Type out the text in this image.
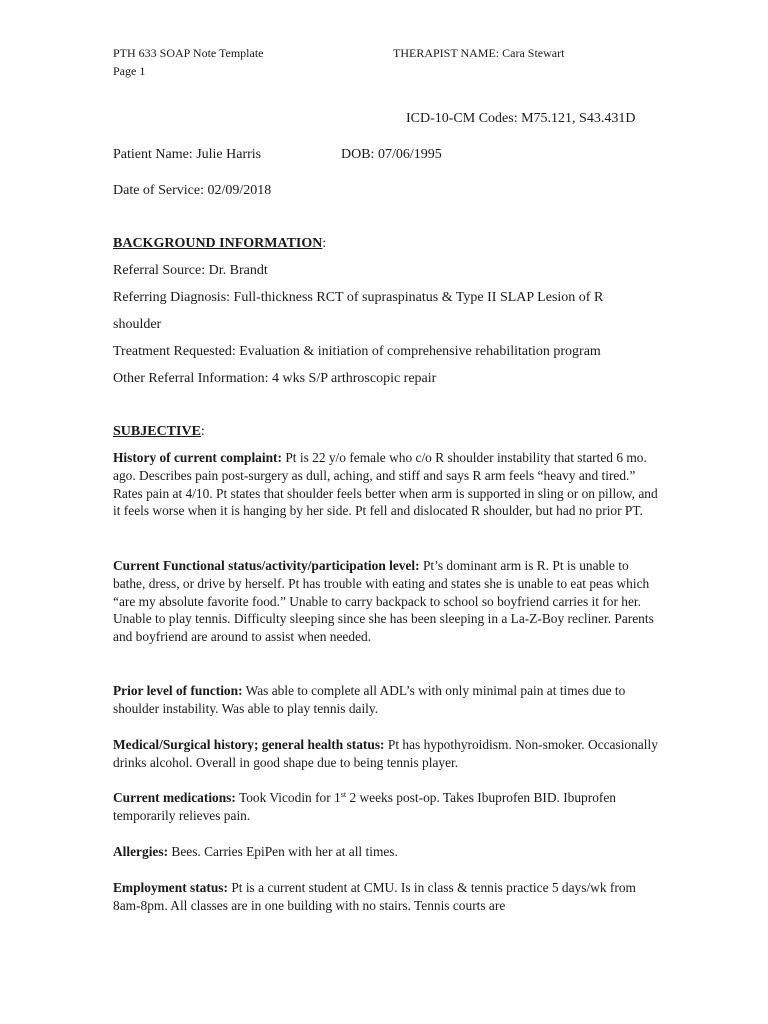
PTH 633 SOAP Note Template
Page 1
THERAPIST NAME: Cara Stewart
ICD-10-CM Codes: M75.121, S43.431D
Patient Name: Julie Harris	DOB: 07/06/1995
Date of Service: 02/09/2018
BACKGROUND INFORMATION:
Referral Source: Dr. Brandt
Referring Diagnosis: Full-thickness RCT of supraspinatus & Type II SLAP Lesion of R
shoulder
Treatment Requested: Evaluation & initiation of comprehensive rehabilitation program
Other Referral Information: 4 wks S/P arthroscopic repair
SUBJECTIVE:
History of current complaint: Pt is 22 y/o female who c/o R shoulder instability that started 6 mo. ago. Describes pain post-surgery as dull, aching, and stiff and says R arm feels “heavy and tired.” Rates pain at 4/10. Pt states that shoulder feels better when arm is supported in sling or on pillow, and it feels worse when it is hanging by her side. Pt fell and dislocated R shoulder, but had no prior PT.
Current Functional status/activity/participation level: Pt’s dominant arm is R. Pt is unable to bathe, dress, or drive by herself. Pt has trouble with eating and states she is unable to eat peas which “are my absolute favorite food.” Unable to carry backpack to school so boyfriend carries it for her. Unable to play tennis. Difficulty sleeping since she has been sleeping in a La-Z-Boy recliner. Parents and boyfriend are around to assist when needed.
Prior level of function: Was able to complete all ADL’s with only minimal pain at times due to shoulder instability. Was able to play tennis daily.
Medical/Surgical history; general health status: Pt has hypothyroidism. Non-smoker. Occasionally drinks alcohol. Overall in good shape due to being tennis player.
Current medications: Took Vicodin for 1st 2 weeks post-op. Takes Ibuprofen BID. Ibuprofen temporarily relieves pain.
Allergies: Bees. Carries EpiPen with her at all times.
Employment status: Pt is a current student at CMU. Is in class & tennis practice 5 days/wk from 8am-8pm. All classes are in one building with no stairs. Tennis courts are
